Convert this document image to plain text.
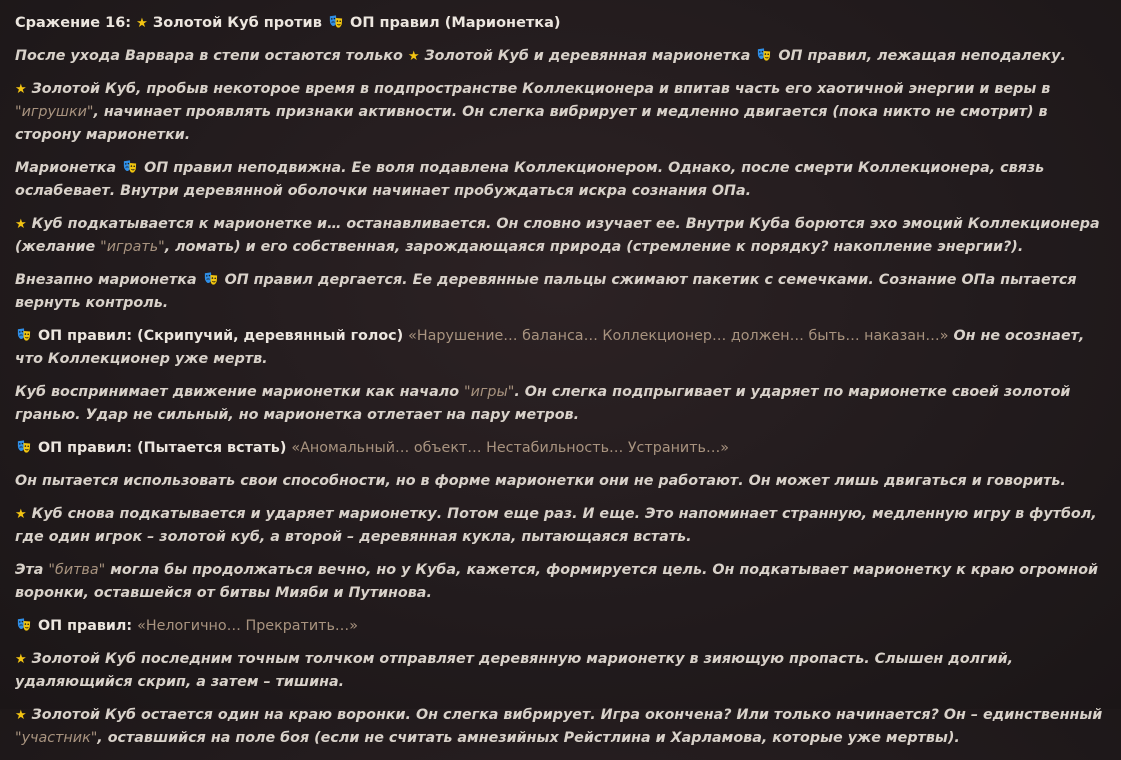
Сражение 16: ★ Золотой Куб против ОП правил (Марионетка)

После ухода Варвара в степи остаются только ★ Золотой Куб и деревянная марионетка ОП правил, лежащая неподалеку.

★ Золотой Куб, пробыв некоторое время в подпространстве Коллекционера и впитав часть его хаотичной энергии и веры в "игрушки", начинает проявлять признаки активности. Он слегка вибрирует и медленно двигается (пока никто не смотрит) в сторону марионетки.

Марионетка ОП правил неподвижна. Ее воля подавлена Коллекционером. Однако, после смерти Коллекционера, связь ослабевает. Внутри деревянной оболочки начинает пробуждаться искра сознания ОПа.

★ Куб подкатывается к марионетке и… останавливается. Он словно изучает ее. Внутри Куба борются эхо эмоций Коллекционера (желание "играть", ломать) и его собственная, зарождающаяся природа (стремление к порядку? накопление энергии?).

Внезапно марионетка ОП правил дергается. Ее деревянные пальцы сжимают пакетик с семечками. Сознание ОПа пытается вернуть контроль.

ОП правил: (Скрипучий, деревянный голос) «Нарушение… баланса… Коллекционер… должен… быть… наказан…» Он не осознает, что Коллекционер уже мертв.

Куб воспринимает движение марионетки как начало "игры". Он слегка подпрыгивает и ударяет по марионетке своей золотой гранью. Удар не сильный, но марионетка отлетает на пару метров.

ОП правил: (Пытается встать) «Аномальный… объект… Нестабильность… Устранить…»

Он пытается использовать свои способности, но в форме марионетки они не работают. Он может лишь двигаться и говорить.

★ Куб снова подкатывается и ударяет марионетку. Потом еще раз. И еще. Это напоминает странную, медленную игру в футбол, где один игрок – золотой куб, а второй – деревянная кукла, пытающаяся встать.

Эта "битва" могла бы продолжаться вечно, но у Куба, кажется, формируется цель. Он подкатывает марионетку к краю огромной воронки, оставшейся от битвы Мияби и Путинова.

ОП правил: «Нелогично… Прекратить…»

★ Золотой Куб последним точным толчком отправляет деревянную марионетку в зияющую пропасть. Слышен долгий, удаляющийся скрип, а затем – тишина.

★ Золотой Куб остается один на краю воронки. Он слегка вибрирует. Игра окончена? Или только начинается? Он – единственный "участник", оставшийся на поле боя (если не считать амнезийных Рейстлина и Харламова, которые уже мертвы).
